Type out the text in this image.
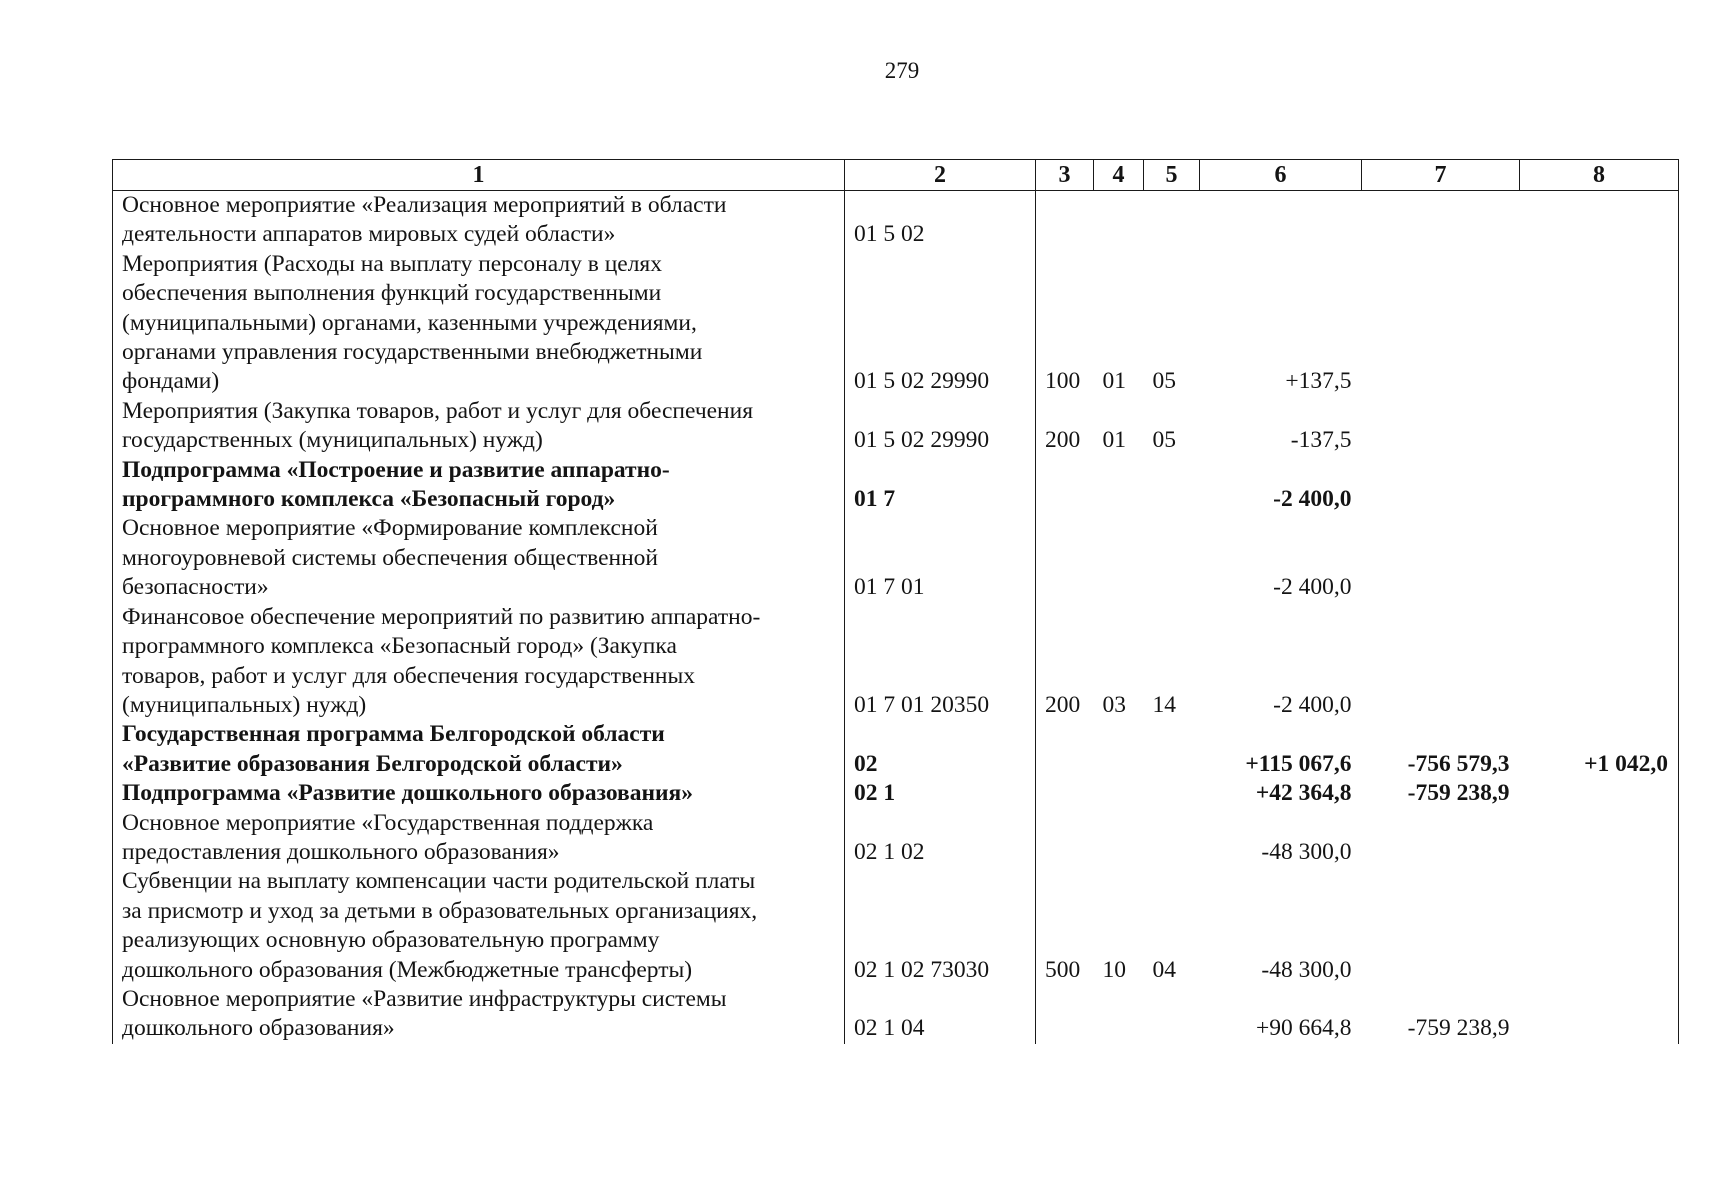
279
1	2	3	4	5	6	7	8
Основное мероприятие «Реализация мероприятий в области
деятельности аппаратов мировых судей области»	01 5 02						
Мероприятия (Расходы на выплату персоналу в целях
обеспечения выполнения функций государственными
(муниципальными) органами, казенными учреждениями,
органами управления государственными внебюджетными
фондами)	01 5 02 29990	100	01	05	+137,5		
Мероприятия (Закупка товаров, работ и услуг для обеспечения
государственных (муниципальных) нужд)	01 5 02 29990	200	01	05	-137,5		
Подпрограмма «Построение и развитие аппаратно-
программного комплекса «Безопасный город»	01 7				-2 400,0		
Основное мероприятие «Формирование комплексной
многоуровневой системы обеспечения общественной
безопасности»	01 7 01				-2 400,0		
Финансовое обеспечение мероприятий по развитию аппаратно-
программного комплекса «Безопасный город» (Закупка
товаров, работ и услуг для обеспечения государственных
(муниципальных) нужд)	01 7 01 20350	200	03	14	-2 400,0		
Государственная программа Белгородской области
«Развитие образования Белгородской области»	02				+115 067,6	-756 579,3	+1 042,0
Подпрограмма «Развитие дошкольного образования»	02 1				+42 364,8	-759 238,9	
Основное мероприятие «Государственная поддержка
предоставления дошкольного образования»	02 1 02				-48 300,0		
Субвенции на выплату компенсации части родительской платы
за присмотр и уход за детьми в образовательных организациях,
реализующих основную образовательную программу
дошкольного образования (Межбюджетные трансферты)	02 1 02 73030	500	10	04	-48 300,0		
Основное мероприятие «Развитие инфраструктуры системы
дошкольного образования»	02 1 04				+90 664,8	-759 238,9	
